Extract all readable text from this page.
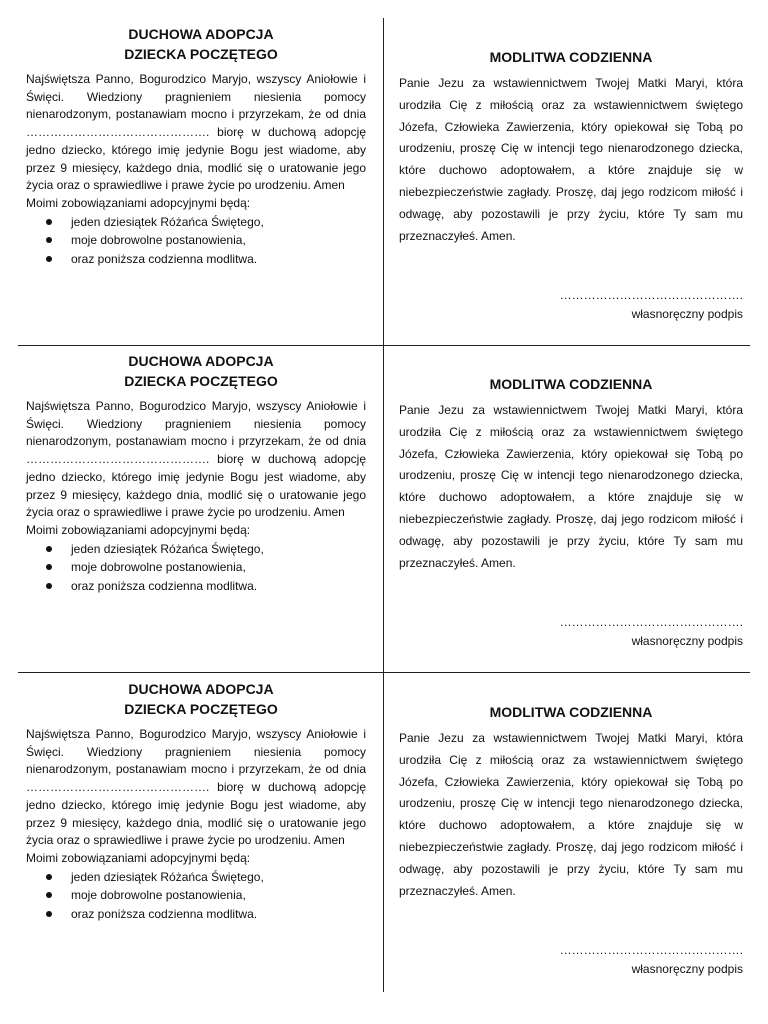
DUCHOWA ADOPCJA
DZIECKA POCZĘTEGO

Najświętsza Panno, Bogurodzico Maryjo, wszyscy Aniołowie i Święci. Wiedziony pragnieniem niesienia pomocy nienarodzonym, postanawiam mocno i przyrzekam, że od dnia ………………………………………. biorę w duchową adopcję jedno dziecko, którego imię jedynie Bogu jest wiadome, aby przez 9 miesięcy, każdego dnia, modlić się o uratowanie jego życia oraz o sprawiedliwe i prawe życie po urodzeniu. Amen

Moimi zobowiązaniami adopcyjnymi będą:

jeden dziesiątek Różańca Świętego,
moje dobrowolne postanowienia,
oraz poniższa codzienna modlitwa.
MODLITWA CODZIENNA

Panie Jezu za wstawiennictwem Twojej Matki Maryi, która urodziła Cię z miłością oraz za wstawiennictwem świętego Józefa, Człowieka Zawierzenia, który opiekował się Tobą po urodzeniu, proszę Cię w intencji tego nienarodzonego dziecka, które duchowo adoptowałem, a które znajduje się w niebezpieczeństwie zagłady. Proszę, daj jego rodzicom miłość i odwagę, aby pozostawili je przy życiu, które Ty sam mu przeznaczyłeś. Amen.

……………………………………….
własnoręczny podpis
DUCHOWA ADOPCJA
DZIECKA POCZĘTEGO

Najświętsza Panno, Bogurodzico Maryjo, wszyscy Aniołowie i Święci. Wiedziony pragnieniem niesienia pomocy nienarodzonym, postanawiam mocno i przyrzekam, że od dnia ………………………………………. biorę w duchową adopcję jedno dziecko, którego imię jedynie Bogu jest wiadome, aby przez 9 miesięcy, każdego dnia, modlić się o uratowanie jego życia oraz o sprawiedliwe i prawe życie po urodzeniu. Amen

Moimi zobowiązaniami adopcyjnymi będą:

jeden dziesiątek Różańca Świętego,
moje dobrowolne postanowienia,
oraz poniższa codzienna modlitwa.
MODLITWA CODZIENNA

Panie Jezu za wstawiennictwem Twojej Matki Maryi, która urodziła Cię z miłością oraz za wstawiennictwem świętego Józefa, Człowieka Zawierzenia, który opiekował się Tobą po urodzeniu, proszę Cię w intencji tego nienarodzonego dziecka, które duchowo adoptowałem, a które znajduje się w niebezpieczeństwie zagłady. Proszę, daj jego rodzicom miłość i odwagę, aby pozostawili je przy życiu, które Ty sam mu przeznaczyłeś. Amen.

……………………………………….
własnoręczny podpis
DUCHOWA ADOPCJA
DZIECKA POCZĘTEGO

Najświętsza Panno, Bogurodzico Maryjo, wszyscy Aniołowie i Święci. Wiedziony pragnieniem niesienia pomocy nienarodzonym, postanawiam mocno i przyrzekam, że od dnia ………………………………………. biorę w duchową adopcję jedno dziecko, którego imię jedynie Bogu jest wiadome, aby przez 9 miesięcy, każdego dnia, modlić się o uratowanie jego życia oraz o sprawiedliwe i prawe życie po urodzeniu. Amen

Moimi zobowiązaniami adopcyjnymi będą:

jeden dziesiątek Różańca Świętego,
moje dobrowolne postanowienia,
oraz poniższa codzienna modlitwa.
MODLITWA CODZIENNA

Panie Jezu za wstawiennictwem Twojej Matki Maryi, która urodziła Cię z miłością oraz za wstawiennictwem świętego Józefa, Człowieka Zawierzenia, który opiekował się Tobą po urodzeniu, proszę Cię w intencji tego nienarodzonego dziecka, które duchowo adoptowałem, a które znajduje się w niebezpieczeństwie zagłady. Proszę, daj jego rodzicom miłość i odwagę, aby pozostawili je przy życiu, które Ty sam mu przeznaczyłeś. Amen.

……………………………………….
własnoręczny podpis
